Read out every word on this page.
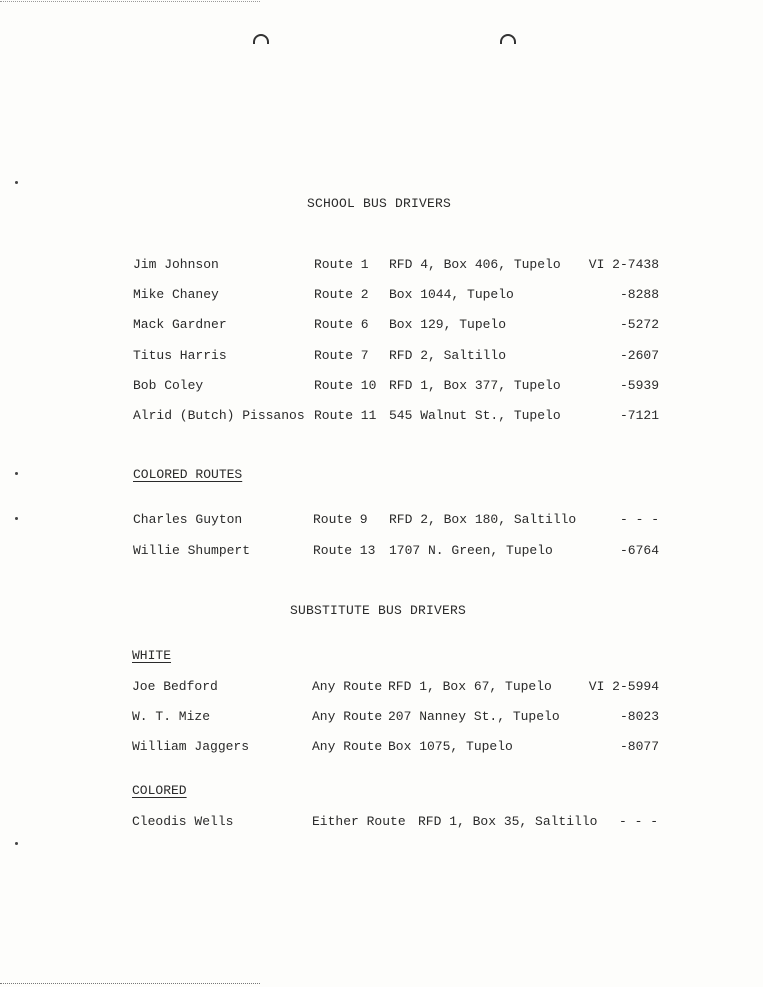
SCHOOL BUS DRIVERS
Jim Johnson	Route 1 RFD 4, Box 406, Tupelo VI 2-7438
Mike Chaney	Route 2 Box 1044, Tupelo	-8288
Mack Gardner	Route 6 Box 129, Tupelo	-5272
Titus Harris	Route 7 RFD 2, Saltillo	-2607
Bob Coley	Route 10 RFD 1, Box 377, Tupelo	-5939
Alrid (Butch) Pissanos Route 11 545 Walnut St., Tupelo	-7121
COLORED ROUTES
Charles Guyton	Route 9 RFD 2, Box 180, Saltillo	- - -
Willie Shumpert	Route 13 1707 N. Green, Tupelo	-6764
SUBSTITUTE BUS DRIVERS
WHITE
Joe Bedford	Any Route RFD 1, Box 67, Tupelo	VI 2-5994
W. T. Mize	Any Route 207 Nanney St., Tupelo	-8023
William Jaggers	Any Route Box 1075, Tupelo	-8077
COLORED
Cleodis Wells	Either Route RFD 1, Box 35, Saltillo - - -
